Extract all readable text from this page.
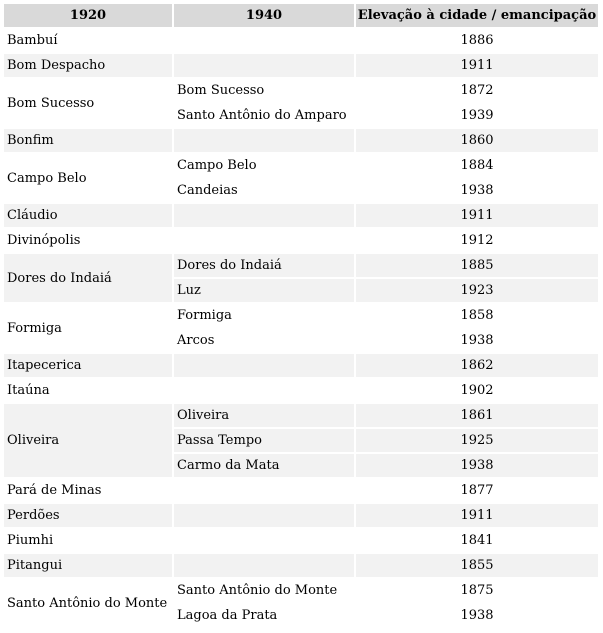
1920	1940	Elevação à cidade / emancipação
Bambuí		1886
Bom Despacho		1911
Bom Sucesso	Bom Sucesso	1872
	Santo Antônio do Amparo	1939
Bonfim		1860
Campo Belo	Campo Belo	1884
	Candeias	1938
Cláudio		1911
Divinópolis		1912
Dores do Indaiá	Dores do Indaiá	1885
	Luz	1923
Formiga	Formiga	1858
	Arcos	1938
Itapecerica		1862
Itaúna		1902
Oliveira	Oliveira	1861
	Passa Tempo	1925
	Carmo da Mata	1938
Pará de Minas		1877
Perdões		1911
Piumhi		1841
Pitangui		1855
Santo Antônio do Monte	Santo Antônio do Monte	1875
	Lagoa da Prata	1938
